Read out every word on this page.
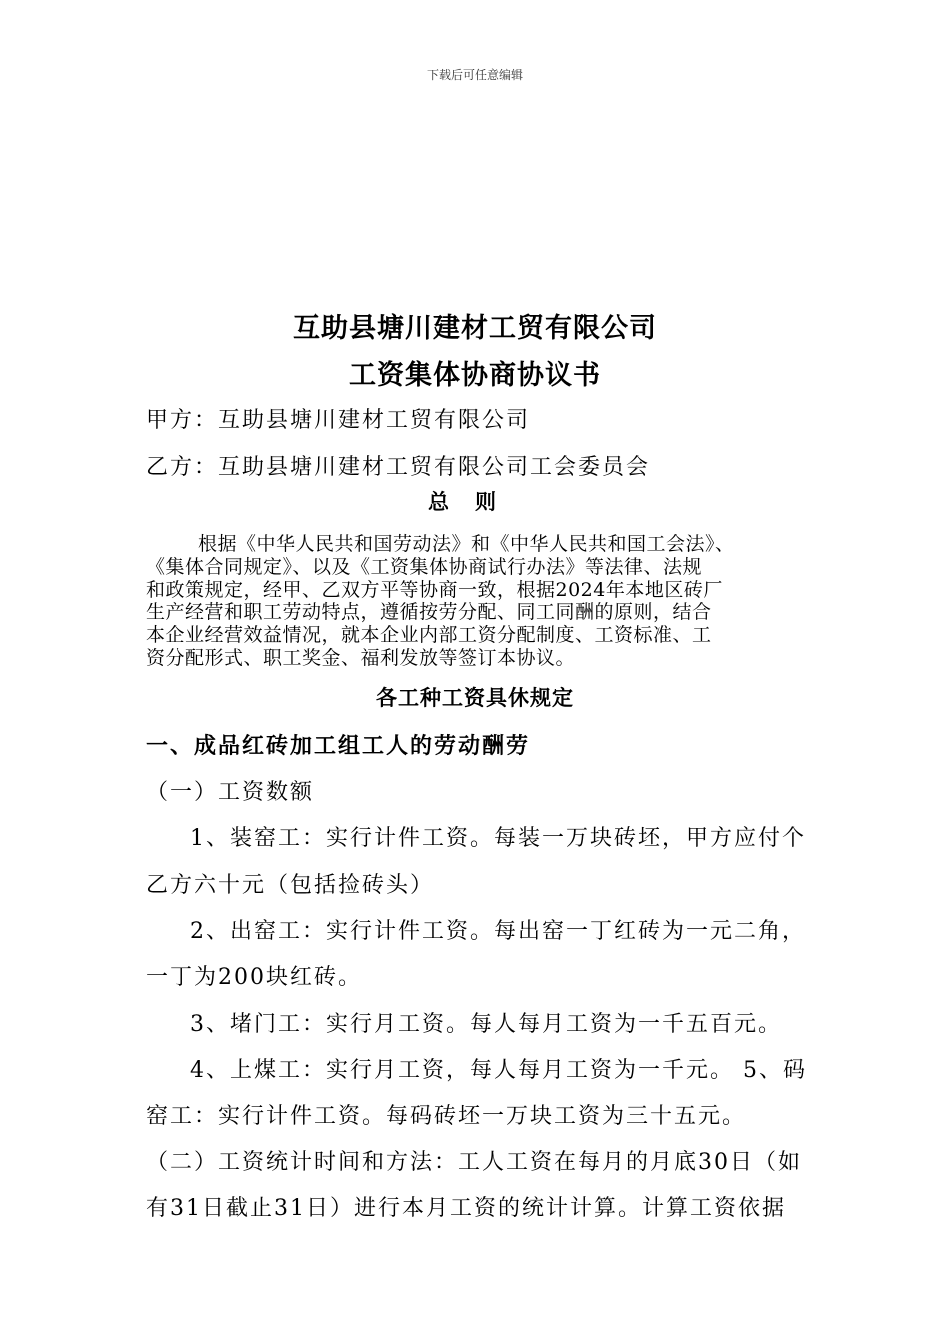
下载后可任意编辑
互助县塘川建材工贸有限公司
工资集体协商协议书
甲方：互助县塘川建材工贸有限公司
乙方：互助县塘川建材工贸有限公司工会委员会
总则
根据《中华人民共和国劳动法》和《中华人民共和国工会法》、
《集体合同规定》、以及《工资集体协商试行办法》等法律、法规
和政策规定，经甲、乙双方平等协商一致，根据2024年本地区砖厂
生产经营和职工劳动特点，遵循按劳分配、同工同酬的原则，结合
本企业经营效益情况，就本企业内部工资分配制度、工资标准、工
资分配形式、职工奖金、福利发放等签订本协议。
各工种工资具休规定
一、成品红砖加工组工人的劳动酬劳
（一）工资数额
1、装窑工：实行计件工资。每装一万块砖坯，甲方应付个
乙方六十元（包括捡砖头）
2、出窑工：实行计件工资。每出窑一丁红砖为一元二角，
一丁为200块红砖。
3、堵门工：实行月工资。每人每月工资为一千五百元。
4、上煤工：实行月工资，每人每月工资为一千元。 5、码
窑工：实行计件工资。每码砖坯一万块工资为三十五元。
（二）工资统计时间和方法：工人工资在每月的月底30日（如
有31日截止31日）进行本月工资的统计计算。计算工资依据
